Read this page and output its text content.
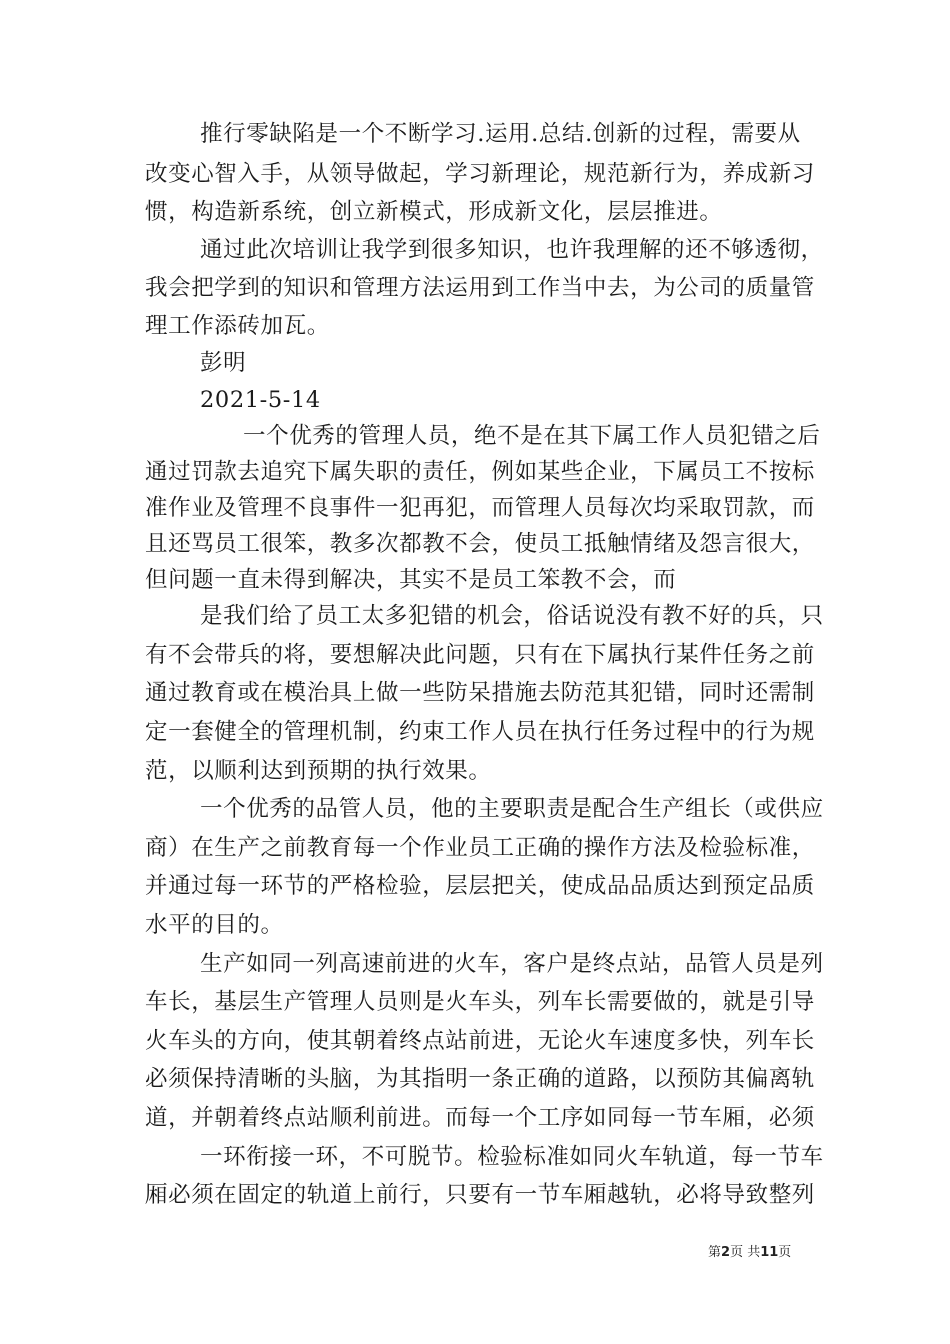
推行零缺陷是一个不断学习.运用.总结.创新的过程，需要从
改变心智入手，从领导做起，学习新理论，规范新行为，养成新习
惯，构造新系统，创立新模式，形成新文化，层层推进。
通过此次培训让我学到很多知识，也许我理解的还不够透彻，
我会把学到的知识和管理方法运用到工作当中去，为公司的质量管
理工作添砖加瓦。
彭明
2021-5-14
一个优秀的管理人员，绝不是在其下属工作人员犯错之后
通过罚款去追究下属失职的责任，例如某些企业，下属员工不按标
准作业及管理不良事件一犯再犯，而管理人员每次均采取罚款，而
且还骂员工很笨，教多次都教不会，使员工抵触情绪及怨言很大，
但问题一直未得到解决，其实不是员工笨教不会，而
是我们给了员工太多犯错的机会，俗话说没有教不好的兵，只
有不会带兵的将，要想解决此问题，只有在下属执行某件任务之前
通过教育或在模治具上做一些防呆措施去防范其犯错，同时还需制
定一套健全的管理机制，约束工作人员在执行任务过程中的行为规
范，以顺利达到预期的执行效果。
一个优秀的品管人员，他的主要职责是配合生产组长（或供应
商）在生产之前教育每一个作业员工正确的操作方法及检验标准，
并通过每一环节的严格检验，层层把关，使成品品质达到预定品质
水平的目的。
生产如同一列高速前进的火车，客户是终点站，品管人员是列
车长，基层生产管理人员则是火车头，列车长需要做的，就是引导
火车头的方向，使其朝着终点站前进，无论火车速度多快，列车长
必须保持清晰的头脑，为其指明一条正确的道路，以预防其偏离轨
道，并朝着终点站顺利前进。而每一个工序如同每一节车厢，必须
一环衔接一环，不可脱节。检验标准如同火车轨道，每一节车
厢必须在固定的轨道上前行，只要有一节车厢越轨，必将导致整列
第2页 共11页
